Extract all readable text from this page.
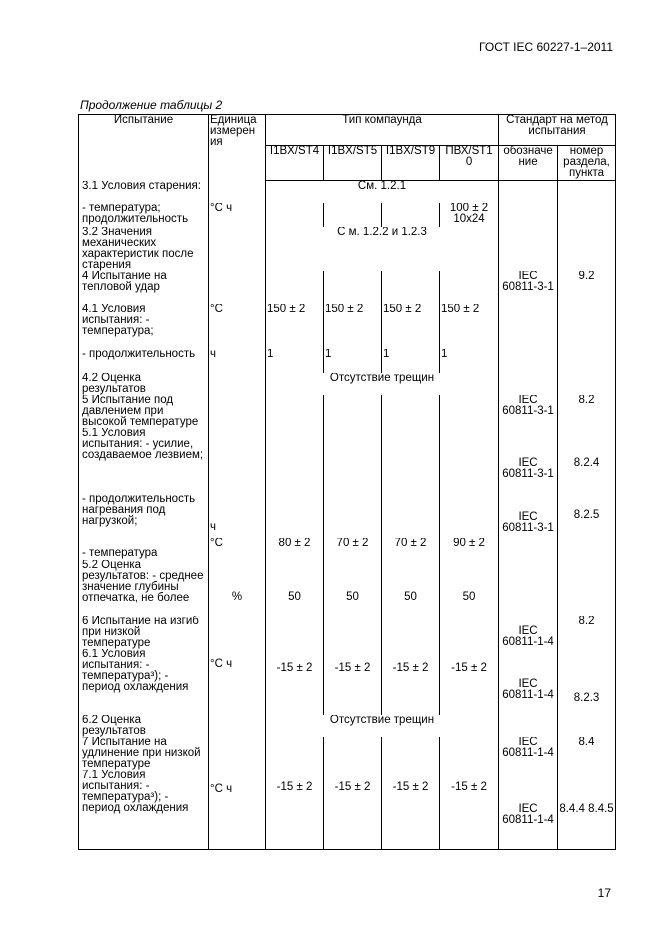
ГОСТ IEC 60227-1–2011
Продолжение таблицы 2
Испытание	Единица измерен ия	Тип компаунда				Стандарт на метод испытания	
		I1BX/ST4	I1BX/ST5	I1BX/ST9	ПВХ/ST1 0	обозначе ние	номер раздела, пункта
3.1 Условия старения:		См. 1.2.1					
- температура; продолжительность	°С ч				100 ± 2 10x24		
3.2 Значения механических характеристик после старения		С м. 1.2.2 и 1.2.3					
4 Испытание на тепловой удар						IEC 60811-3-1	9.2
4.1 Условия испытания: - температура;	°С	150 ± 2	150 ± 2	150 ± 2	150 ± 2		
- продолжительность	ч	1	1	1	1		
4.2 Оценка результатов		Отсутствие трещин					
5 Испытание под давлением при высокой температуре						IEC 60811-3-1	8.2
5.1 Условия испытания: - усилие, создаваемое лезвием;						IEC 60811-3-1	8.2.4
- продолжительность нагревания под нагрузкой;	ч					IEC 60811-3-1	8.2.5
- температура	°С	80 ± 2	70 ± 2	70 ± 2	90 ± 2		
5.2 Оценка результатов: - среднее значение глубины отпечатка, не более	%	50	50	50	50		
6 Испытание на изгиб при низкой температуре						IEC 60811-1-4	8.2
6.1 Условия испытания: - температура³); - период охлаждения	°С ч	-15 ± 2	-15 ± 2	-15 ± 2	-15 ± 2	IEC 60811-1-4	8.2.3
6.2 Оценка результатов		Отсутствие трещин					
7 Испытание на удлинение при низкой температуре						IEC 60811-1-4	8.4
7.1 Условия испытания: - температура³); - период охлаждения	°С ч	-15 ± 2	-15 ± 2	-15 ± 2	-15 ± 2	IEC 60811-1-4	8.4.4 8.4.5
17
